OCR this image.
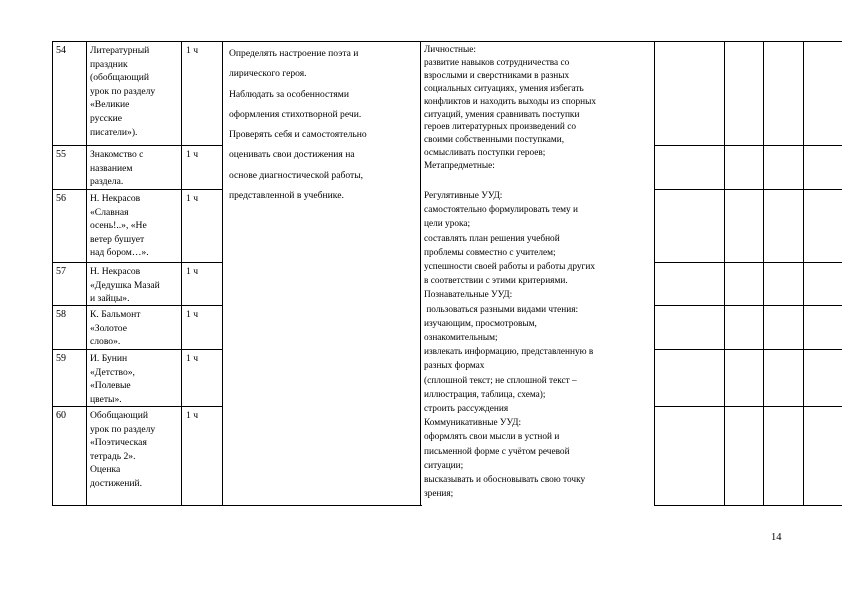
54	Литературный
праздник
(обобщающий
урок по разделу
«Великие
русские
писатели»).
1 ч
55	Знакомство с
названием
раздела.
1 ч
56	Н. Некрасов
«Славная
осень!..», «Не
ветер бушует
над бором…».
1 ч
57	Н. Некрасов
«Дедушка Мазай
и зайцы».
1 ч
58	К. Бальмонт
«Золотое
слово».
1 ч
59	И. Бунин
«Детство»,
«Полевые
цветы».
1 ч
60	Обобщающий
урок по разделу
«Поэтическая
тетрадь 2».
Оценка
достижений.
1 ч
Определять настроение поэта и
лирического героя.
Наблюдать за особенностями
оформления стихотворной речи.
Проверять себя и самостоятельно
оценивать свои достижения на
основе диагностической работы,
представленной в учебнике.
Личностные:
развитие навыков сотрудничества со
взрослыми и сверстниками в разных
социальных ситуациях, умения избегать
конфликтов и находить выходы из спорных
ситуаций, умения сравнивать поступки
героев литературных произведений со
своими собственными поступками,
осмысливать поступки героев;
Метапредметные:
Регулятивные УУД:
самостоятельно формулировать тему и
цели урока;
составлять план решения учебной
проблемы совместно с учителем;
успешности своей работы и работы других
в соответствии с этими критериями.
Познавательные УУД:
пользоваться разными видами чтения:
изучающим, просмотровым,
ознакомительным;
извлекать информацию, представленную в
разных формах
(сплошной текст; не сплошной текст –
иллюстрация, таблица, схема);
строить рассуждения
Коммуникативные УУД:
оформлять свои мысли в устной и
письменной форме с учётом речевой
ситуации;
высказывать и обосновывать свою точку
зрения;
14
